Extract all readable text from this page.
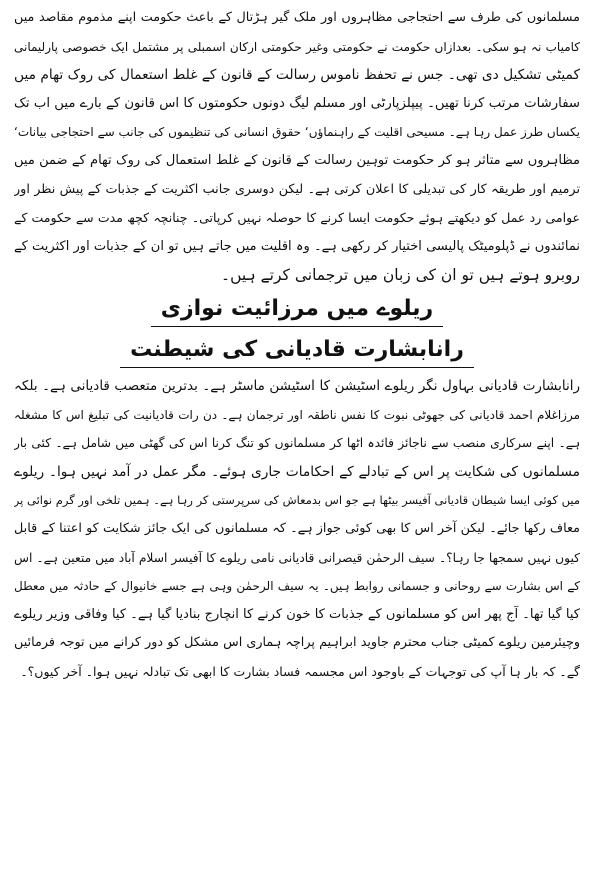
مسلمانوں کی طرف سے احتجاجی مظاہروں اور ملک گیر ہڑتال کے باعث حکومت اپنے مذموم مقاصد میں
کامیاب نہ ہو سکی۔ بعدازاں حکومت نے حکومتی وغیر حکومتی ارکان اسمبلی پر مشتمل ایک خصوصی پارلیمانی
کمیٹی تشکیل دی تھی۔ جس نے تحفظ ناموس رسالت کے قانون کے غلط استعمال کی روک تھام میں
سفارشات مرتب کرنا تھیں۔ پیپلزپارٹی اور مسلم لیگ دونوں حکومتوں کا اس قانون کے بارے میں اب تک
یکساں طرز عمل رہا ہے۔ مسیحی اقلیت کے راہنماؤں‘ حقوق انسانی کی تنظیموں کی جانب سے احتجاجی بیانات‘
مظاہروں سے متاثر ہو کر حکومت توہین رسالت کے قانون کے غلط استعمال کی روک تھام کے ضمن میں
ترمیم اور طریقہ کار کی تبدیلی کا اعلان کرتی ہے۔ لیکن دوسری جانب اکثریت کے جذبات کے پیش نظر اور
عوامی رد عمل کو دیکھتے ہوئے حکومت ایسا کرنے کا حوصلہ نہیں کرپاتی۔ چنانچہ کچھ مدت سے حکومت کے
نمائندوں نے ڈپلومیٹک پالیسی اختیار کر رکھی ہے۔ وہ اقلیت میں جاتے ہیں تو ان کے جذبات اور اکثریت کے
روبرو ہوتے ہیں تو ان کی زبان میں ترجمانی کرتے ہیں۔
ریلوے میں مرزائیت نوازی
رانابشارت قادیانی کی شیطنت
رانابشارت قادیانی بہاول نگر ریلوے اسٹیشن کا اسٹیشن ماسٹر ہے۔ بدترین متعصب قادیانی ہے۔ بلکہ
مرزاغلام احمد قادیانی کی جھوٹی نبوت کا نفس ناطقہ اور ترجمان ہے۔ دن رات قادیانیت کی تبلیغ اس کا مشغلہ
ہے۔ اپنے سرکاری منصب سے ناجائز فائدہ اٹھا کر مسلمانوں کو تنگ کرنا اس کی گھٹی میں شامل ہے۔ کئی بار
مسلمانوں کی شکایت پر اس کے تبادلے کے احکامات جاری ہوئے۔ مگر عمل در آمد نہیں ہوا۔ ریلوے
میں کوئی ایسا شیطان قادیانی آفیسر بیٹھا ہے جو اس بدمعاش کی سرپرستی کر رہا ہے۔ ہمیں تلخی اور گرم نوائی پر
معاف رکھا جائے۔ لیکن آخر اس کا بھی کوئی جواز ہے۔ کہ مسلمانوں کی ایک جائز شکایت کو اعتنا کے قابل
کیوں نہیں سمجھا جا رہا؟۔ سیف الرحمٰن قیصرانی قادیانی نامی ریلوے کا آفیسر اسلام آباد میں متعین ہے۔ اس
کے اس بشارت سے روحانی و جسمانی روابط ہیں۔ یہ سیف الرحمٰن وہی ہے جسے خانیوال کے حادثہ میں معطل
کیا گیا تھا۔ آج پھر اس کو مسلمانوں کے جذبات کا خون کرنے کا انچارج بنادیا گیا ہے۔ کیا وفاقی وزیر ریلوے
وچیئرمین ریلوے کمیٹی جناب محترم جاوید ابراہیم پراچہ ہماری اس مشکل کو دور کرانے میں توجہ فرمائیں
گے۔ کہ بار ہا آپ کی توجہات کے باوجود اس مجسمہ فساد بشارت کا ابھی تک تبادلہ نہیں ہوا۔ آخر کیوں؟۔
